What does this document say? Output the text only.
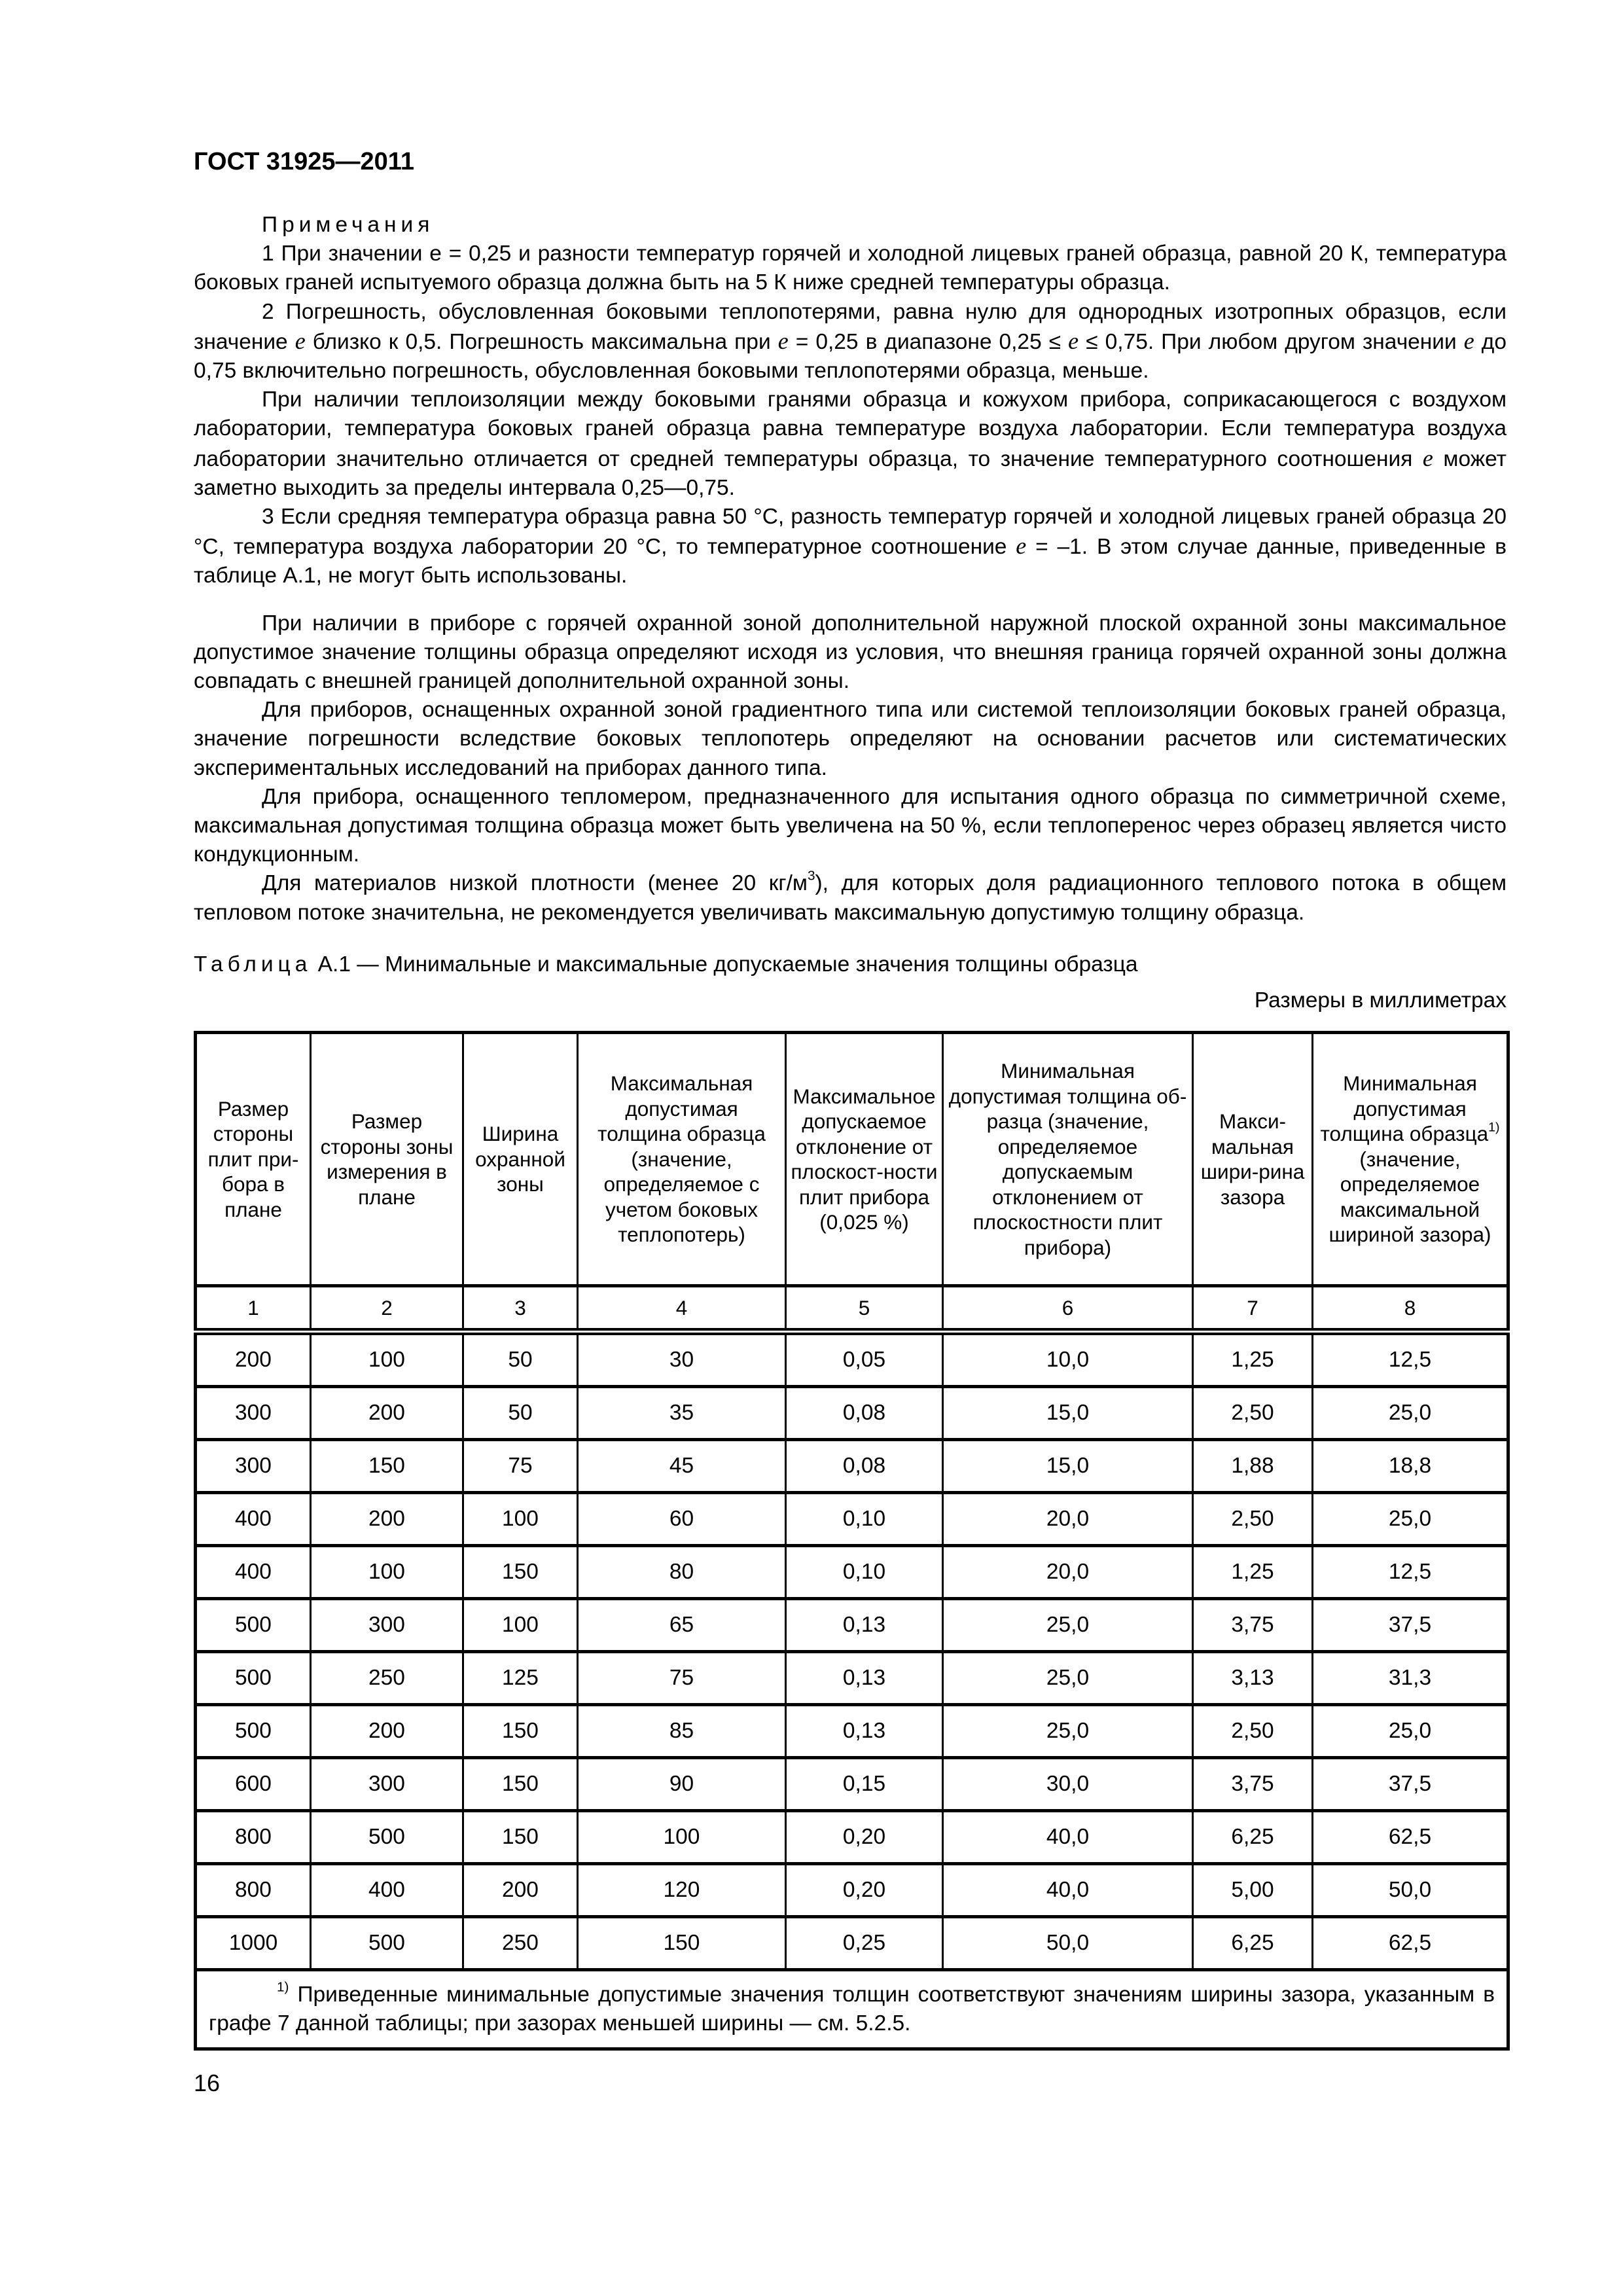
ГОСТ 31925—2011

Примечания

1 При значении e = 0,25 и разности температур горячей и холодной лицевых граней образца, равной 20 К, температура боковых граней испытуемого образца должна быть на 5 К ниже средней температуры образца.

2 Погрешность, обусловленная боковыми теплопотерями, равна нулю для однородных изотропных образцов, если значение e близко к 0,5. Погрешность максимальна при e = 0,25 в диапазоне 0,25 ≤ e ≤ 0,75. При любом другом значении e до 0,75 включительно погрешность, обусловленная боковыми теплопотерями образца, меньше.

При наличии теплоизоляции между боковыми гранями образца и кожухом прибора, соприкасающегося с воздухом лаборатории, температура боковых граней образца равна температуре воздуха лаборатории. Если температура воздуха лаборатории значительно отличается от средней температуры образца, то значение температурного соотношения e может заметно выходить за пределы интервала 0,25—0,75.

3 Если средняя температура образца равна 50 °С, разность температур горячей и холодной лицевых граней образца 20 °С, температура воздуха лаборатории 20 °С, то температурное соотношение e = –1. В этом случае данные, приведенные в таблице А.1, не могут быть использованы.

При наличии в приборе с горячей охранной зоной дополнительной наружной плоской охранной зоны максимальное допустимое значение толщины образца определяют исходя из условия, что внешняя граница горячей охранной зоны должна совпадать с внешней границей дополнительной охранной зоны.

Для приборов, оснащенных охранной зоной градиентного типа или системой теплоизоляции боковых граней образца, значение погрешности вследствие боковых теплопотерь определяют на основании расчетов или систематических экспериментальных исследований на приборах данного типа.

Для прибора, оснащенного тепломером, предназначенного для испытания одного образца по симметричной схеме, максимальная допустимая толщина образца может быть увеличена на 50 %, если теплоперенос через образец является чисто кондукционным.

Для материалов низкой плотности (менее 20 $кг/м^3$), для которых доля радиационного теплового потока в общем тепловом потоке значительна, не рекомендуется увеличивать максимальную допустимую толщину образца.

Таблица А.1 — Минимальные и максимальные допускаемые значения толщины образца
Размеры в миллиметрах
Размер стороны плит при-бора в плане	Размер стороны зоны измерения в плане	Ширина охранной зоны	Максимальная допустимая толщина образца (значение, определяемое с учетом боковых теплопотерь)	Максимальное допускаемое отклонение от плоскост-ности плит прибора (0,025 %)	Минимальная допустимая толщина об-разца (значение, определяемое допускаемым отклонением от плоскостности плит прибора)	Макси-мальная шири-рина зазора	Минимальная допустимая толщина образца$^{1)}$ (значение, определяемое максимальной шириной зазора)
1	2	3	4	5	6	7	8
200	100	50	30	0,05	10,0	1,25	12,5
300	200	50	35	0,08	15,0	2,50	25,0
300	150	75	45	0,08	15,0	1,88	18,8
400	200	100	60	0,10	20,0	2,50	25,0
400	100	150	80	0,10	20,0	1,25	12,5
500	300	100	65	0,13	25,0	3,75	37,5
500	250	125	75	0,13	25,0	3,13	31,3
500	200	150	85	0,13	25,0	2,50	25,0
600	300	150	90	0,15	30,0	3,75	37,5
800	500	150	100	0,20	40,0	6,25	62,5
800	400	200	120	0,20	40,0	5,00	50,0
1000	500	250	150	0,25	50,0	6,25	62,5

$^{1)}$ Приведенные минимальные допустимые значения толщин соответствуют значениям ширины зазора, указанным в графе 7 данной таблицы; при зазорах меньшей ширины — см. 5.2.5.							
16
